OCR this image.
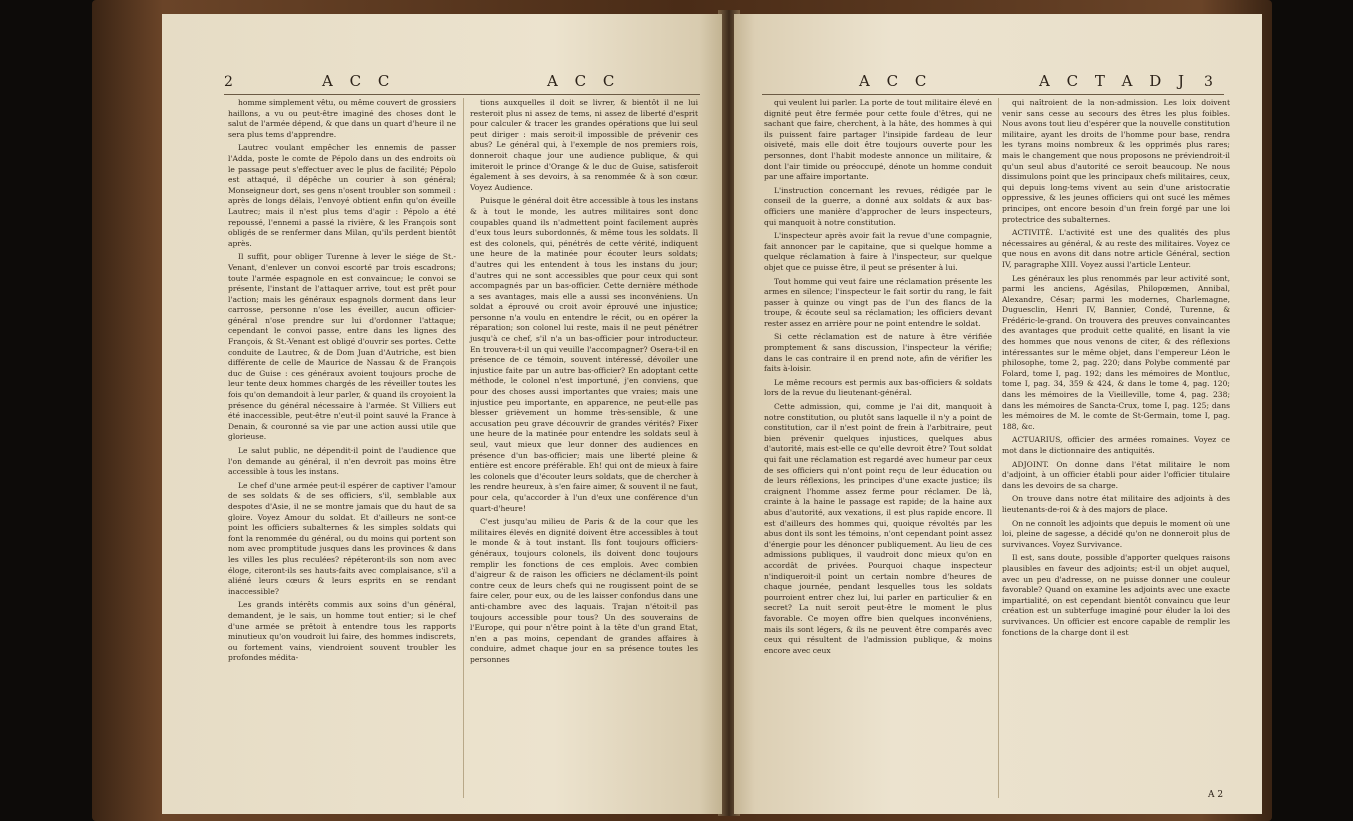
2	A C C	A C C

homme simplement vêtu, ou même couvert de grossiers haillons, a vu ou peut-être imaginé des choses dont le salut de l'armée dépend, & que dans un quart d'heure il ne sera plus tems d'apprendre.

Lautrec voulant empêcher les ennemis de passer l'Adda, poste le comte de Pépolo dans un des endroits où le passage peut s'effectuer avec le plus de facilité; Pépolo est attaqué, il dépêche un courier à son général; Monseigneur dort, ses gens n'osent troubler son sommeil : après de longs délais, l'envoyé obtient enfin qu'on éveille Lautrec; mais il n'est plus tems d'agir : Pépolo a été repoussé, l'ennemi a passé la rivière, & les François sont obligés de se renfermer dans Milan, qu'ils perdent bientôt après.

Il suffit, pour obliger Turenne à lever le siége de St.-Venant, d'enlever un convoi escorté par trois escadrons; toute l'armée espagnole en est convaincue; le convoi se présente, l'instant de l'attaquer arrive, tout est prêt pour l'action; mais les généraux espagnols dorment dans leur carrosse, personne n'ose les éveiller, aucun officier-général n'ose prendre sur lui d'ordonner l'attaque; cependant le convoi passe, entre dans les lignes des François, & St.-Venant est obligé d'ouvrir ses portes. Cette conduite de Lautrec, & de Dom Juan d'Autriche, est bien différente de celle de Maurice de Nassau & de François duc de Guise : ces généraux avoient toujours proche de leur tente deux hommes chargés de les réveiller toutes les fois qu'on demandoit à leur parler, & quand ils croyoient la présence du général nécessaire à l'armée. St Villiers eut été inaccessible, peut-être n'eut-il point sauvé la France à Denain, & couronné sa vie par une action aussi utile que glorieuse.

Le salut public, ne dépendit-il point de l'audience que l'on demande au général, il n'en devroit pas moins être accessible à tous les instans.

Le chef d'une armée peut-il espérer de captiver l'amour de ses soldats & de ses officiers, s'il, semblable aux despotes d'Asie, il ne se montre jamais que du haut de sa gloire. Voyez Amour du soldat. Et d'ailleurs ne sont-ce point les officiers subalternes & les simples soldats qui font la renommée du général, ou du moins qui portent son nom avec promptitude jusques dans les provinces & dans les villes les plus reculées? répéteront-ils son nom avec éloge, citeront-ils ses hauts-faits avec complaisance, s'il a aliéné leurs cœurs & leurs esprits en se rendant inaccessible?

Les grands intérêts commis aux soins d'un général, demandent, je le sais, un homme tout entier; si le chef d'une armée se prêtoit à entendre tous les rapports minutieux qu'on voudroit lui faire, des hommes indiscrets, ou fortement vains, viendroient souvent troubler les profondes médita-

tions auxquelles il doit se livrer, & bientôt il ne lui resteroit plus ni assez de tems, ni assez de liberté d'esprit pour calculer & tracer les grandes opérations que lui seul peut diriger : mais seroit-il impossible de prévenir ces abus? Le général qui, à l'exemple de nos premiers rois, donneroit chaque jour une audience publique, & qui imiteroit le prince d'Orange & le duc de Guise, satisferoit également à ses devoirs, à sa renommée & à son cœur. Voyez Audience.

Puisque le général doit être accessible à tous les instans & à tout le monde, les autres militaires sont donc coupables quand ils n'admettent point facilement auprès d'eux tous leurs subordonnés, & même tous les soldats. Il est des colonels, qui, pénétrés de cette vérité, indiquent une heure de la matinée pour écouter leurs soldats; d'autres qui les entendent à tous les instans du jour; d'autres qui ne sont accessibles que pour ceux qui sont accompagnés par un bas-officier. Cette dernière méthode a ses avantages, mais elle a aussi ses inconvéniens. Un soldat a éprouvé ou croit avoir éprouvé une injustice; personne n'a voulu en entendre le récit, ou en opérer la réparation; son colonel lui reste, mais il ne peut pénétrer jusqu'à ce chef, s'il n'a un bas-officier pour introducteur. En trouvera-t-il un qui veuille l'accompagner? Osera-t-il en présence de ce témoin, souvent intéressé, dévoiler une injustice faite par un autre bas-officier? En adoptant cette méthode, le colonel n'est importuné, j'en conviens, que pour des choses aussi importantes que vraies; mais une injustice peu importante, en apparence, ne peut-elle pas blesser grièvement un homme très-sensible, & une accusation peu grave découvrir de grandes vérités? Fixer une heure de la matinée pour entendre les soldats seul à seul, vaut mieux que leur donner des audiences en présence d'un bas-officier; mais une liberté pleine & entière est encore préférable. Eh! qui ont de mieux à faire les colonels que d'écouter leurs soldats, que de chercher à les rendre heureux, à s'en faire aimer, & souvent il ne faut, pour cela, qu'accorder à l'un d'eux une conférence d'un quart-d'heure!

C'est jusqu'au milieu de Paris & de la cour que les militaires élevés en dignité doivent être accessibles à tout le monde & à tout instant. Ils font toujours officiers-généraux, toujours colonels, ils doivent donc toujours remplir les fonctions de ces emplois. Avec combien d'aigreur & de raison les officiers ne déclament-ils point contre ceux de leurs chefs qui ne rougissent point de se faire celer, pour eux, ou de les laisser confondus dans une anti-chambre avec des laquais. Trajan n'étoit-il pas toujours accessible pour tous? Un des souverains de l'Europe, qui pour n'être point à la tête d'un grand Etat, n'en a pas moins, cependant de grandes affaires à conduire, admet chaque jour en sa présence toutes les personnes

A C C	A C T A D J 3

qui veulent lui parler. La porte de tout militaire élevé en dignité peut être fermée pour cette foule d'êtres, qui ne sachant que faire, cherchent, à la hâte, des hommes à qui ils puissent faire partager l'insipide fardeau de leur oisiveté, mais elle doit être toujours ouverte pour les personnes, dont l'habit modeste annonce un militaire, & dont l'air timide ou préoccupé, dénote un homme conduit par une affaire importante.

L'instruction concernant les revues, rédigée par le conseil de la guerre, a donné aux soldats & aux bas-officiers une manière d'approcher de leurs inspecteurs, qui manquoit à notre constitution.

L'inspecteur après avoir fait la revue d'une compagnie, fait annoncer par le capitaine, que si quelque homme a quelque réclamation à faire à l'inspecteur, sur quelque objet que ce puisse être, il peut se présenter à lui.

Tout homme qui veut faire une réclamation présente les armes en silence; l'inspecteur le fait sortir du rang, le fait passer à quinze ou vingt pas de l'un des flancs de la troupe, & écoute seul sa réclamation; les officiers devant rester assez en arrière pour ne point entendre le soldat.

Si cette réclamation est de nature à être vérifiée promptement & sans discussion, l'inspecteur la vérifie; dans le cas contraire il en prend note, afin de vérifier les faits à-loisir.

Le même recours est permis aux bas-officiers & soldats lors de la revue du lieutenant-général.

Cette admission, qui, comme je l'ai dit, manquoit à notre constitution, ou plutôt sans laquelle il n'y a point de constitution, car il n'est point de frein à l'arbitraire, peut bien prévenir quelques injustices, quelques abus d'autorité, mais est-elle ce qu'elle devroit être? Tout soldat qui fait une réclamation est regardé avec humeur par ceux de ses officiers qui n'ont point reçu de leur éducation ou de leurs réflexions, les principes d'une exacte justice; ils craignent l'homme assez ferme pour réclamer. De là, crainte à la haine le passage est rapide; de la haine aux abus d'autorité, aux vexations, il est plus rapide encore. Il est d'ailleurs des hommes qui, quoique révoltés par les abus dont ils sont les témoins, n'ont cependant point assez d'énergie pour les dénoncer publiquement. Au lieu de ces admissions publiques, il vaudroit donc mieux qu'on en accordât de privées. Pourquoi chaque inspecteur n'indiqueroit-il point un certain nombre d'heures de chaque journée, pendant lesquelles tous les soldats pourroient entrer chez lui, lui parler en particulier & en secret? La nuit seroit peut-être le moment le plus favorable. Ce moyen offre bien quelques inconvéniens, mais ils sont légers, & ils ne peuvent être comparés avec ceux qui résultent de l'admission publique, & moins encore avec ceux

qui naîtroient de la non-admission. Les loix doivent venir sans cesse au secours des êtres les plus foibles. Nous avons tout lieu d'espérer que la nouvelle constitution militaire, ayant les droits de l'homme pour base, rendra les tyrans moins nombreux & les opprimés plus rares; mais le changement que nous proposons ne préviendroit-il qu'un seul abus d'autorité ce seroit beaucoup. Ne nous dissimulons point que les principaux chefs militaires, ceux, qui depuis long-tems vivent au sein d'une aristocratie oppressive, & les jeunes officiers qui ont sucé les mêmes principes, ont encore besoin d'un frein forgé par une loi protectrice des subalternes.

ACTIVITÉ. L'activité est une des qualités des plus nécessaires au général, & au reste des militaires. Voyez ce que nous en avons dit dans notre article Général, section IV, paragraphe XIII. Voyez aussi l'article Lenteur.

Les généraux les plus renommés par leur activité sont, parmi les anciens, Agésilas, Philopœmen, Annibal, Alexandre, César; parmi les modernes, Charlemagne, Duguesclin, Henri IV, Bannier, Condé, Turenne, & Frédéric-le-grand. On trouvera des preuves convaincantes des avantages que produit cette qualité, en lisant la vie des hommes que nous venons de citer, & des réflexions intéressantes sur le même objet, dans l'empereur Léon le philosophe, tome 2, pag. 220; dans Polybe commenté par Folard, tome I, pag. 192; dans les mémoires de Montluc, tome I, pag. 34, 359 & 424, & dans le tome 4, pag. 120; dans les mémoires de la Vieilleville, tome 4, pag. 238; dans les mémoires de Sancta-Crux, tome I, pag. 125; dans les mémoires de M. le comte de St-Germain, tome I, pag. 188, &c.

ACTUARIUS, officier des armées romaines. Voyez ce mot dans le dictionnaire des antiquités.

ADJOINT. On donne dans l'état militaire le nom d'adjoint, à un officier établi pour aider l'officier titulaire dans les devoirs de sa charge.

On trouve dans notre état militaire des adjoints à des lieutenants-de-roi & à des majors de place.

On ne connoît les adjoints que depuis le moment où une loi, pleine de sagesse, a décidé qu'on ne donneroit plus de survivances. Voyez Survivance.

Il est, sans doute, possible d'apporter quelques raisons plausibles en faveur des adjoints; est-il un objet auquel, avec un peu d'adresse, on ne puisse donner une couleur favorable? Quand on examine les adjoints avec une exacte impartialité, on est cependant bientôt convaincu que leur création est un subterfuge imaginé pour éluder la loi des survivances. Un officier est encore capable de remplir les fonctions de la charge dont il est

A 2
